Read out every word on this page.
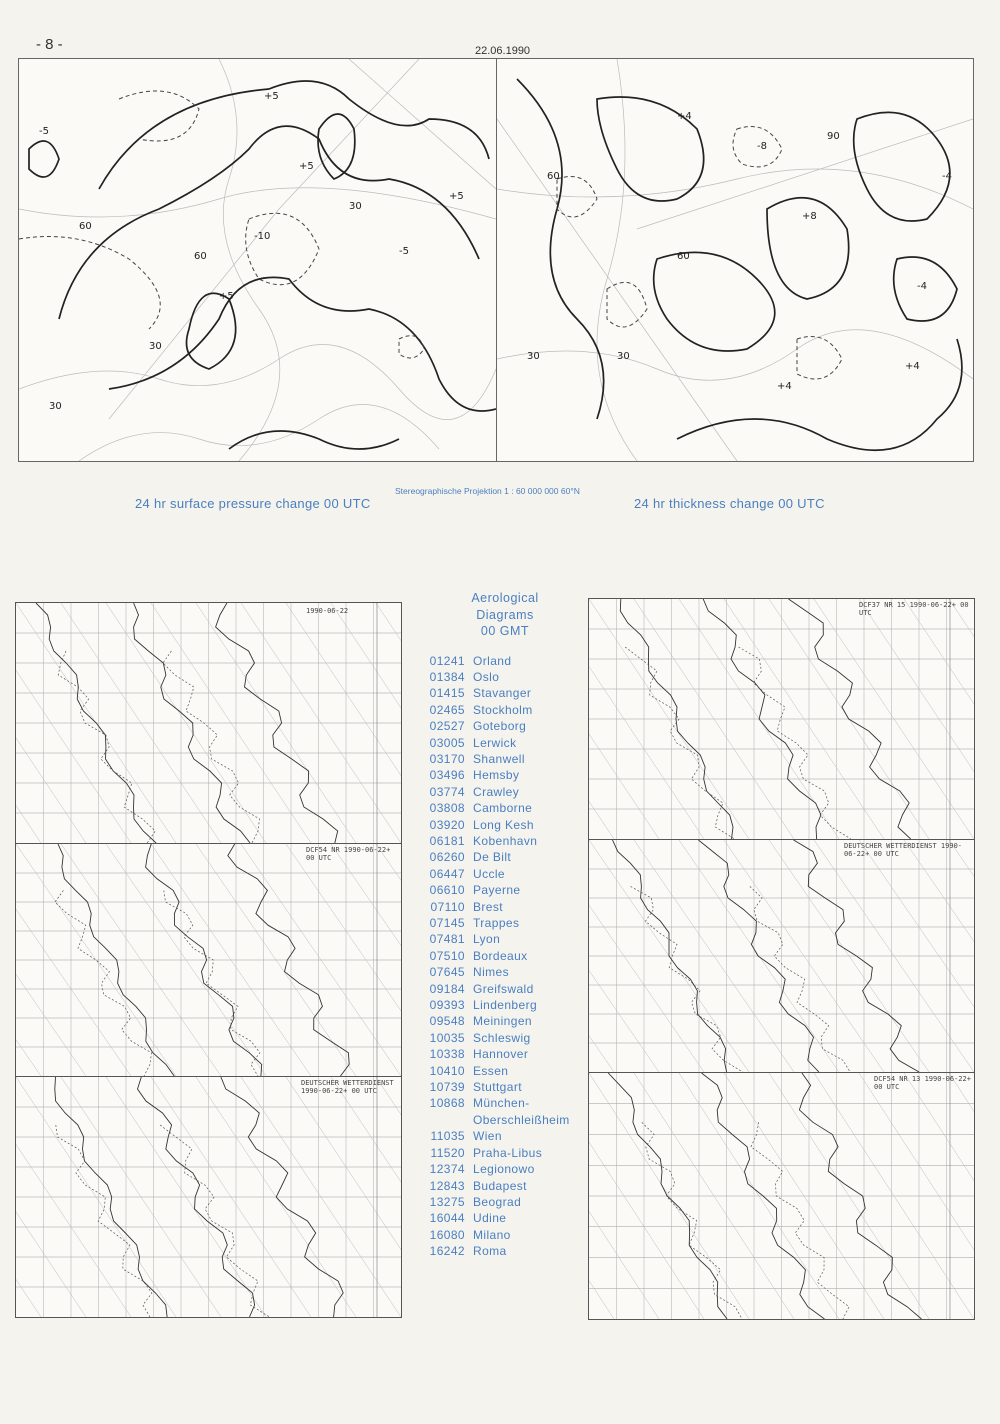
- 8 -	22.06.1990
+5
+5
-5
-10
+5
60
30
30
-5
30
60
+5
+4
+8
-8
60
60
30
30
-4
-4
+4
90
+4
24 hr surface pressure change 00 UTC
Stereographische Projektion 1 : 60 000 000 60°N
24 hr thickness change 00 UTC
1990-06-22
DCF54 NR 1990-06-22+ 00 UTC
DEUTSCHER WETTERDIENST 1990-06-22+ 00 UTC
DCF37 NR 15 1990-06-22+ 00 UTC
DEUTSCHER WETTERDIENST 1990-06-22+ 00 UTC
DCF54 NR 13 1990-06-22+ 00 UTC
Aerological
Diagrams
00 GMT
01241 Orland
01384 Oslo
01415 Stavanger
02465 Stockholm
02527 Goteborg
03005 Lerwick
03170 Shanwell
03496 Hemsby
03774 Crawley
03808 Camborne
03920 Long Kesh
06181 Kobenhavn
06260 De Bilt
06447 Uccle
06610 Payerne
07110 Brest
07145 Trappes
07481 Lyon
07510 Bordeaux
07645 Nimes
09184 Greifswald
09393 Lindenberg
09548 Meiningen
10035 Schleswig
10338 Hannover
10410 Essen
10739 Stuttgart
10868 München-
Oberschleißheim
11035 Wien
11520 Praha-Libus
12374 Legionowo
12843 Budapest
13275 Beograd
16044 Udine
16080 Milano
16242 Roma
